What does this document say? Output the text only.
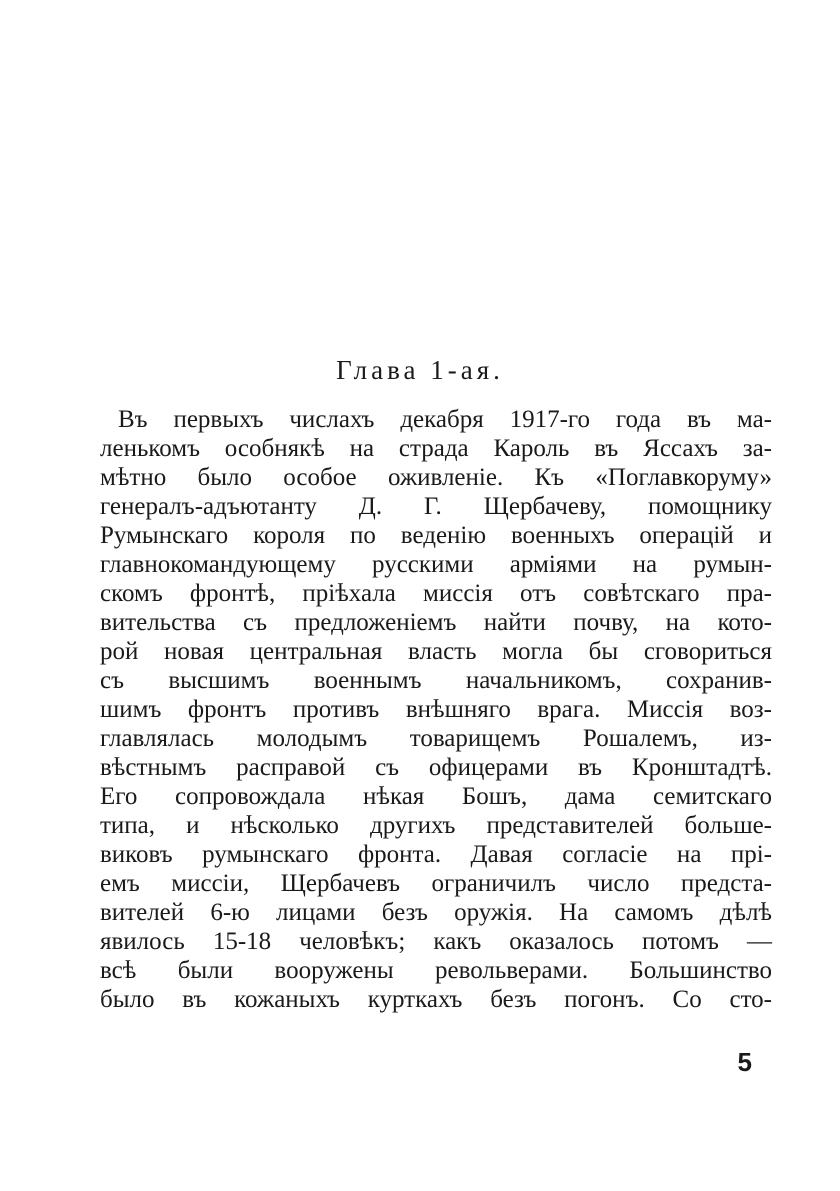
Глава 1-ая.
Въ первыхъ числахъ декабря 1917-го года въ ма-
ленькомъ особнякѣ на страда Кароль въ Яссахъ за-
мѣтно было особое оживленіе. Къ «Поглавкоруму»
генералъ-адъютанту Д. Г. Щербачеву, помощнику
Румынскаго короля по веденію военныхъ операцій и
главнокомандующему русскими арміями на румын-
скомъ фронтѣ, пріѣхала миссія отъ совѣтскаго пра-
вительства съ предложеніемъ найти почву, на кото-
рой новая центральная власть могла бы сговориться
съ высшимъ военнымъ начальникомъ, сохранив-
шимъ фронтъ противъ внѣшняго врага. Миссія воз-
главлялась молодымъ товарищемъ Рошалемъ, из-
вѣстнымъ расправой съ офицерами въ Кронштадтѣ.
Его сопровождала нѣкая Бошъ, дама семитскаго
типа, и нѣсколько другихъ представителей больше-
виковъ румынскаго фронта. Давая согласіе на прі-
емъ миссіи, Щербачевъ ограничилъ число предста-
вителей 6-ю лицами безъ оружія. На самомъ дѣлѣ
явилось 15-18 человѣкъ; какъ оказалось потомъ —
всѣ были вооружены револьверами. Большинство
было въ кожаныхъ курткахъ безъ погонъ. Со сто-
5
